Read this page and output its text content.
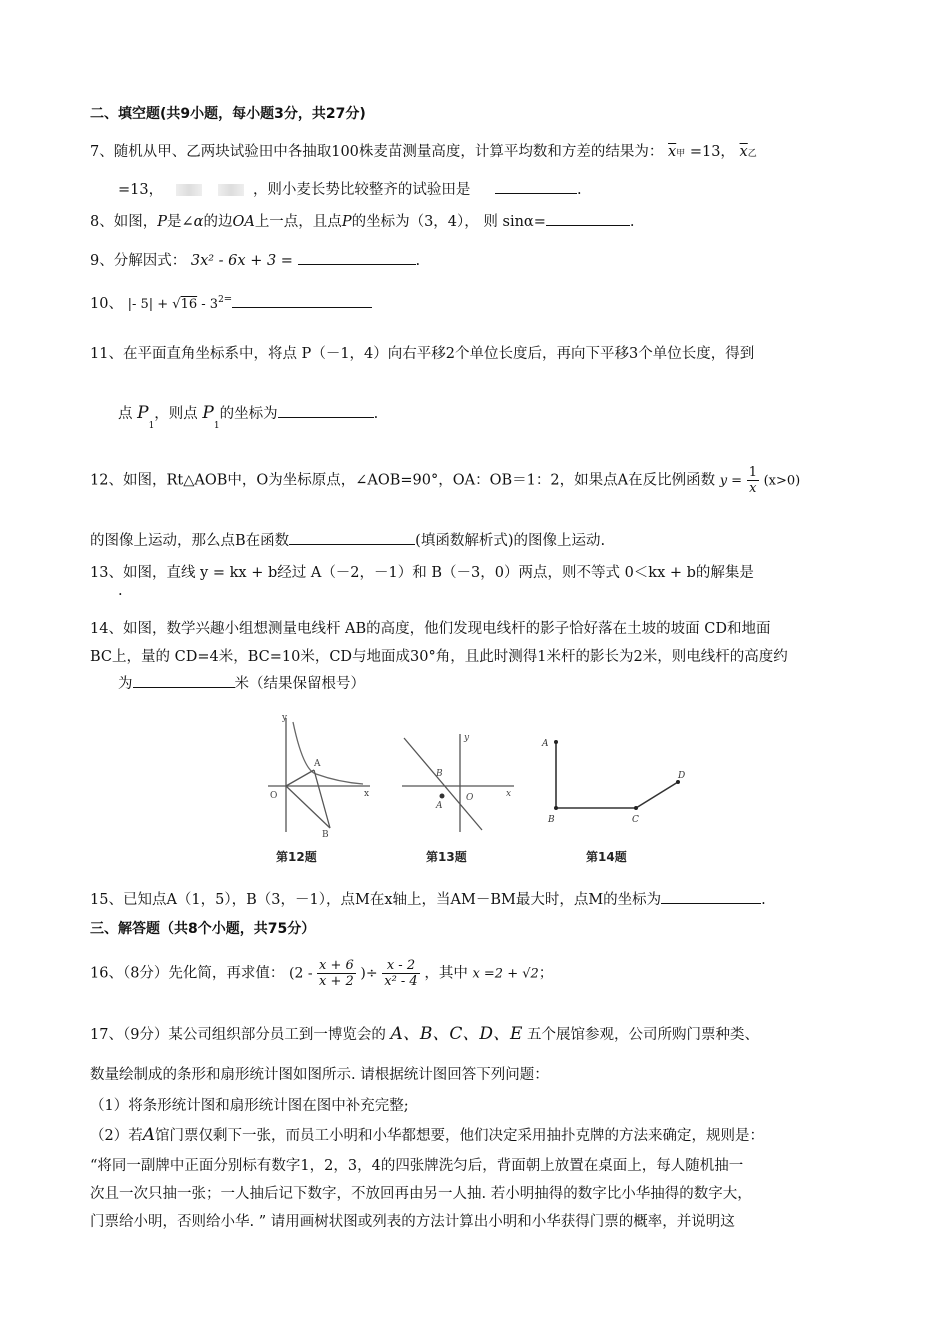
二、填空题(共9小题，每小题3分，共27分)
7、随机从甲、乙两块试验田中各抽取100株麦苗测量高度，计算平均数和方差的结果为： $\overline{x}$甲 =13， $\overline{x}$乙
=13，	，则小麦长势比较整齐的试验田是	.
8、如图，P是∠α的边OA上一点，且点P的坐标为（3，4）， 则 sinα=	.
9、分解因式： 3x² - 6x + 3 =	.
10、 |- $5| + √16 - 3^{2=}$
11、在平面直角坐标系中，将点 P（－1，4）向右平移2个单位长度后，再向下平移3个单位长度，得到
点 $P_1$，则点 $P_1$的坐标为	.
12、如图，Rt△AOB中，O为坐标原点，∠AOB=90°，OA：OB＝1：2，如果点A在反比例函数 $y = \frac{1}{x} (x>0)$
的图像上运动，那么点B在函数	(填函数解析式)的图像上运动.
13、如图，直线 y = kx + b经过 A（－2，－1）和 B（－3，0）两点，则不等式 0＜kx + b的解集是
.
14、如图，数学兴趣小组想测量电线杆 AB的高度，他们发现电线杆的影子恰好落在土坡的坡面 CD和地面
BC上，量的 CD=4米，BC=10米，CD与地面成30°角，且此时测得1米杆的影长为2米，则电线杆的高度约
为	米（结果保留根号）
y
A
O	x
B
第12题
y
B
A
O	x
第13题
A
B	C
D
第14题
15、已知点A（1，5），B（3，－1），点M在x轴上，当AM－BM最大时，点M的坐标为	.
三、解答题（共8个小题，共75分）
16、（8分）先化简，再求值： ($2 - \frac{x + 6}{x + 2}$ )÷ $\frac{x - 2}{\text{x² - 4}}$ ，其中 x =2 + √2；
17、（9分）某公司组织部分员工到一博览会的 A、B、C、D、E 五个展馆参观，公司所购门票种类、
数量绘制成的条形和扇形统计图如图所示. 请根据统计图回答下列问题：
（1）将条形统计图和扇形统计图在图中补充完整;
（2）若A馆门票仅剩下一张，而员工小明和小华都想要，他们决定采用抽扑克牌的方法来确定，规则是：
“将同一副牌中正面分别标有数字1，2，3，4的四张牌洗匀后，背面朝上放置在桌面上，每人随机抽一
次且一次只抽一张；一人抽后记下数字，不放回再由另一人抽. 若小明抽得的数字比小华抽得的数字大，
门票给小明，否则给小华. ” 请用画树状图或列表的方法计算出小明和小华获得门票的概率，并说明这
